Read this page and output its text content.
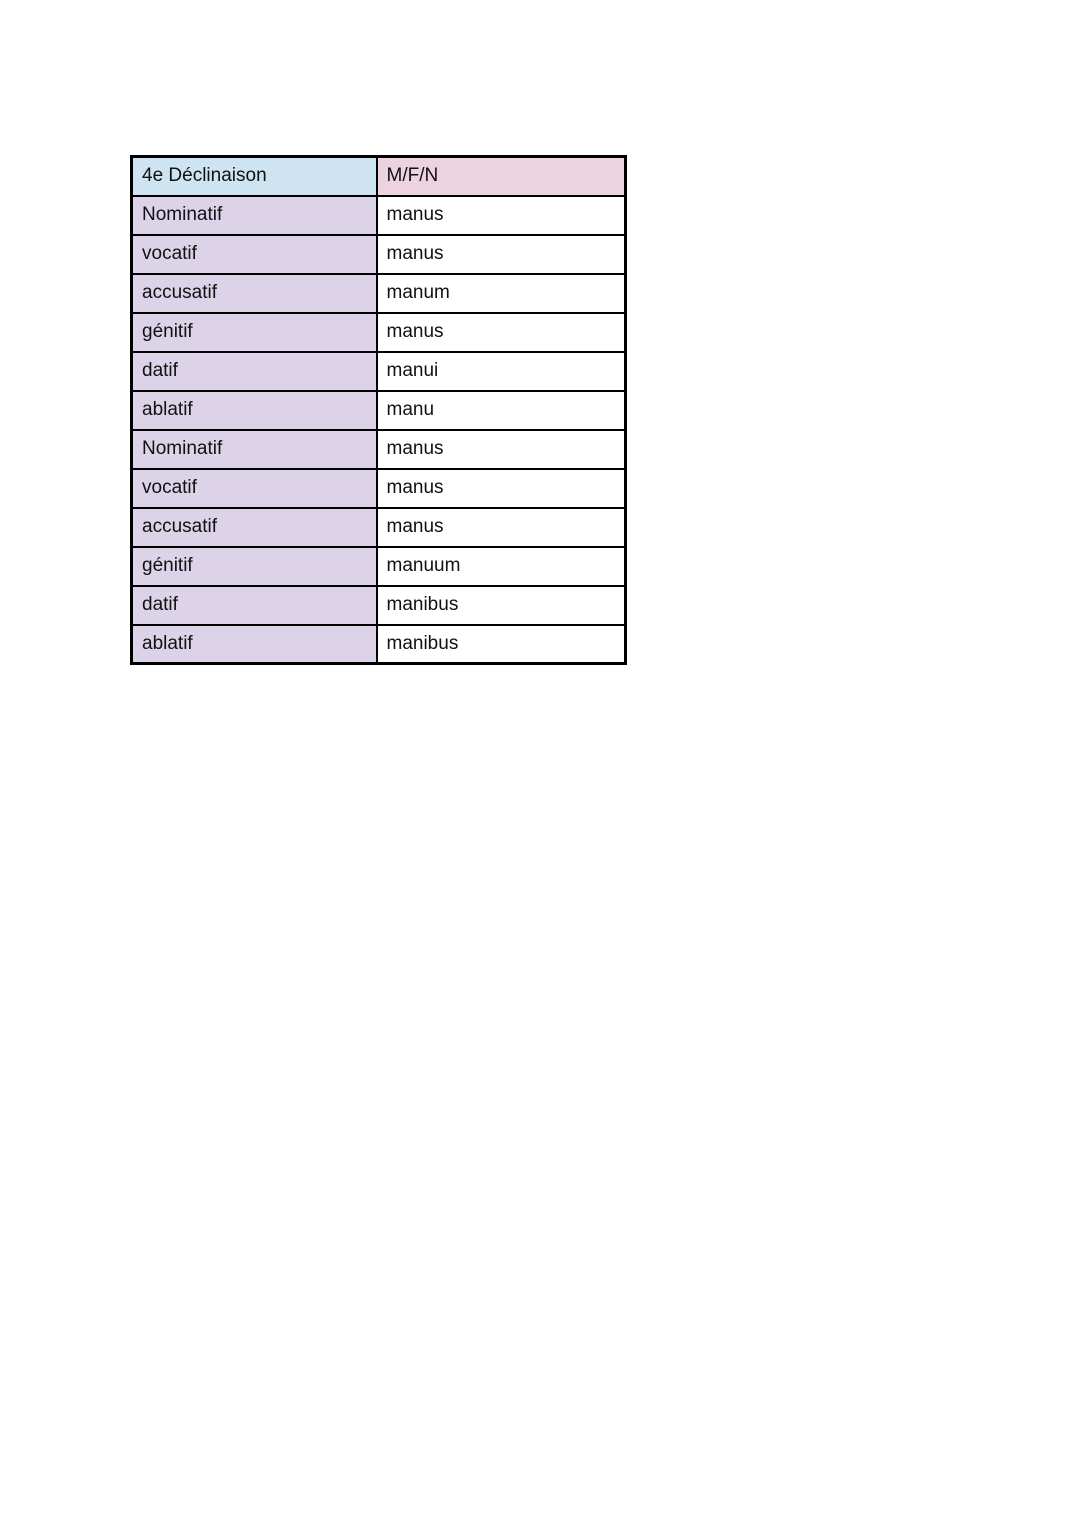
4e Déclinaison	M/F/N
Nominatif	manus
vocatif	manus
accusatif	manum
génitif	manus
datif	manui
ablatif	manu
Nominatif	manus
vocatif	manus
accusatif	manus
génitif	manuum
datif	manibus
ablatif	manibus
